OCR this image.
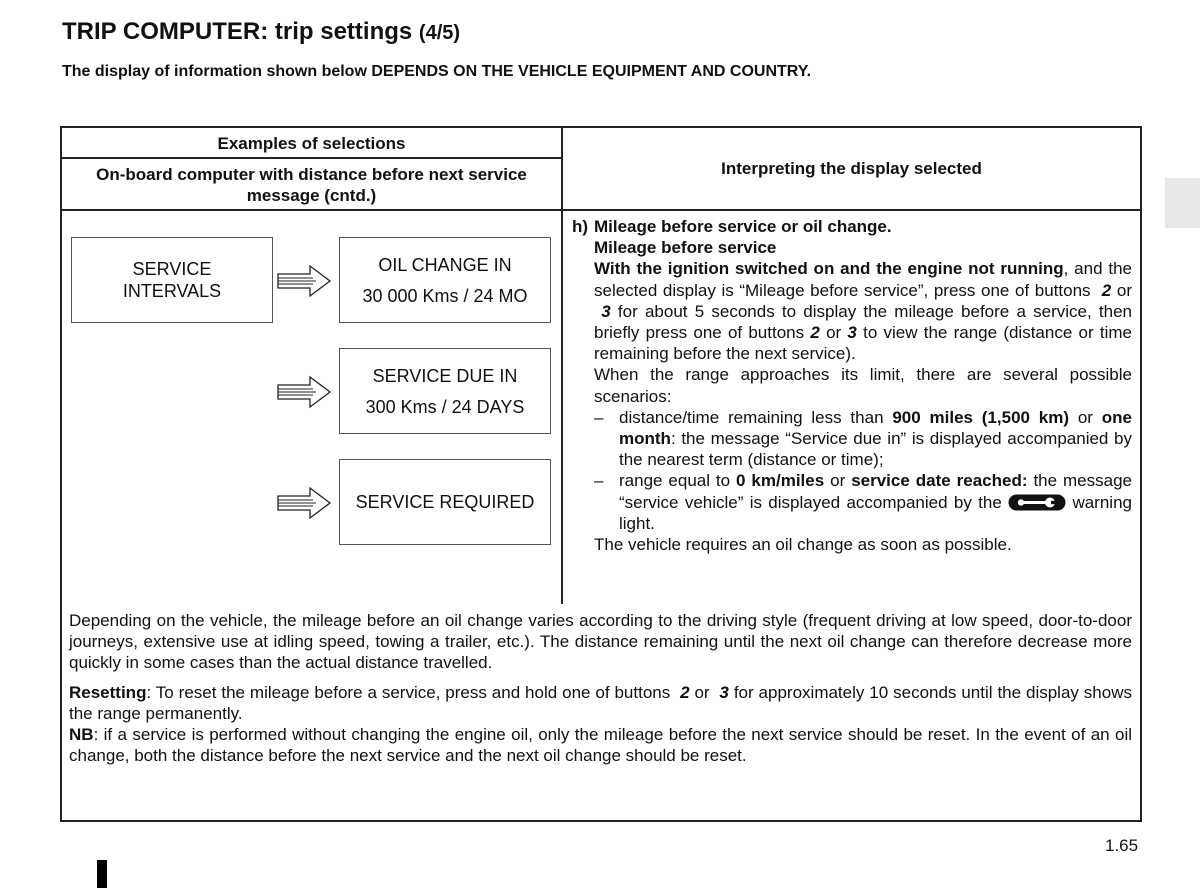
TRIP COMPUTER: trip settings (4/5)
The display of information shown below DEPENDS ON THE VEHICLE EQUIPMENT AND COUNTRY.
Examples of selections
On-board computer with distance before next service message (cntd.)
Interpreting the display selected
SERVICE
INTERVALS
OIL CHANGE IN
30 000 Kms / 24 MO
SERVICE DUE IN
300 Kms / 24 DAYS
SERVICE REQUIRED

h) Mileage before service or oil change.

Mileage before service

With the ignition switched on and the engine not running, and the selected display is “Mileage before service”, press one of buttons 2 or  3 for about 5 seconds to display the mileage before a service, then briefly press one of buttons 2 or 3 to view the range (distance or time remaining before the next service).

When the range approaches its limit, there are several possible scenarios:

– distance/time remaining less than 900 miles (1,500 km) or one month: the message “Service due in” is displayed accompanied by the nearest term (distance or time);

– range equal to 0 km/miles or service date reached: the message “service vehicle” is displayed accompanied by the	warning light.

The vehicle requires an oil change as soon as possible.

Depending on the vehicle, the mileage before an oil change varies according to the driving style (frequent driving at low speed, door-to-door journeys, extensive use at idling speed, towing a trailer, etc.). The distance remaining until the next oil change can therefore decrease more quickly in some cases than the actual distance travelled.

Resetting: To reset the mileage before a service, press and hold one of buttons 2 or 3 for approximately 10 seconds until the display shows the range permanently.

NB: if a service is performed without changing the engine oil, only the mileage before the next service should be reset. In the event of an oil change, both the distance before the next service and the next oil change should be reset.

1.65
